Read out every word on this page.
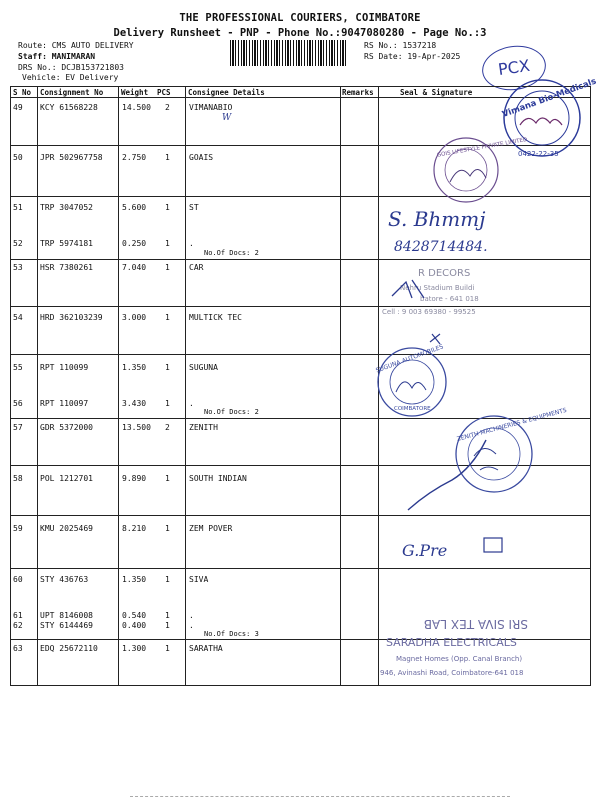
THE PROFESSIONAL COURIERS, COIMBATORE
Delivery Runsheet - PNP - Phone No.:9047080280 - Page No.:3
Route: CMS AUTO DELIVERY
Staff: MANIMARAN
DRS No.: DCJB153721803
Vehicle: EV Delivery
RS No.: 1537218
RS Date: 19-Apr-2025	PCX
S No Consignment No Weight PCS Consignee Details	Remarks	Seal & Signature
49 KCY 61568228	14.500 2 VIMANABIO
50 JPR 502967758 2.750 1 GOAIS
51 TRP 3047052	5.600 1 ST
52 TRP 5974181	0.250 1 .
No.Of Docs: 2
53 HSR 7380261	7.040 1 CAR
54 HRD 362103239 3.000 1 MULTICK TEC
55 RPT 110099	1.350 1 SUGUNA
56 RPT 110097	3.430 1 .
No.Of Docs: 2
57 GDR 5372000	13.500 2 ZENITH
58 POL 1212701	9.890 1 SOUTH INDIAN
59 KMU 2025469	8.210 1 ZEM POVER
60 STY 436763	1.350 1 SIVA
61 UPT 8146008	0.540 1 .
62 STY 6144469	0.400 1 .
No.Of Docs: 3
63 EDQ 25672110	1.300 1 SARATHA
W	Vimana Bio-Medicals
0422-22-35
GOIS LIFESTYLE PRIVATE LIMITED
S. Bhmmj
8428714484.
R DECORS
Nehru Stadium Buildi
batore - 641 018
Cell : 9 003 69380 - 99525
SUGUNA AUTOMOBILES
COIMBATORE	ZENITH MACHINERIES & EQUIPMENTS
G.Pre
SRI SIVA TEX LAB
SARADHA ELECTRICALS
Magnet Homes (Opp. Canal Branch)
946, Avinashi Road, Coimbatore-641 018
